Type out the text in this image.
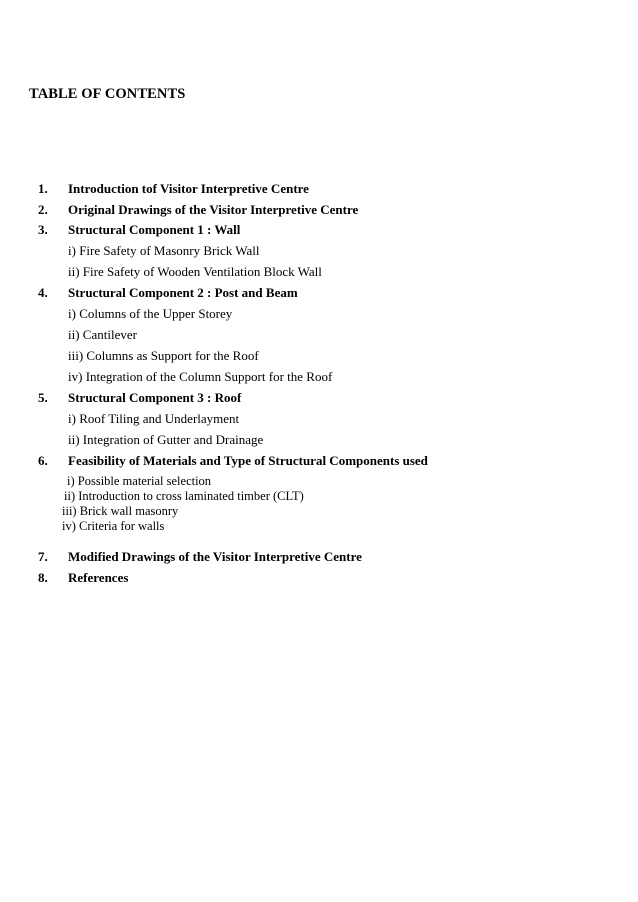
TABLE OF CONTENTS
1. Introduction tof Visitor Interpretive Centre
2. Original Drawings of the Visitor Interpretive Centre
3. Structural Component 1 : Wall
i) Fire Safety of Masonry Brick Wall
ii) Fire Safety of Wooden Ventilation Block Wall
4. Structural Component 2 : Post and Beam
i) Columns of the Upper Storey
ii) Cantilever
iii) Columns as Support for the Roof
iv) Integration of the Column Support for the Roof
5. Structural Component 3 : Roof
i) Roof Tiling and Underlayment
ii) Integration of Gutter and Drainage
6. Feasibility of Materials and Type of Structural Components used
i) Possible material selection
ii) Introduction to cross laminated timber (CLT)
iii) Brick wall masonry
iv) Criteria for walls
7. Modified Drawings of the Visitor Interpretive Centre
8. References
